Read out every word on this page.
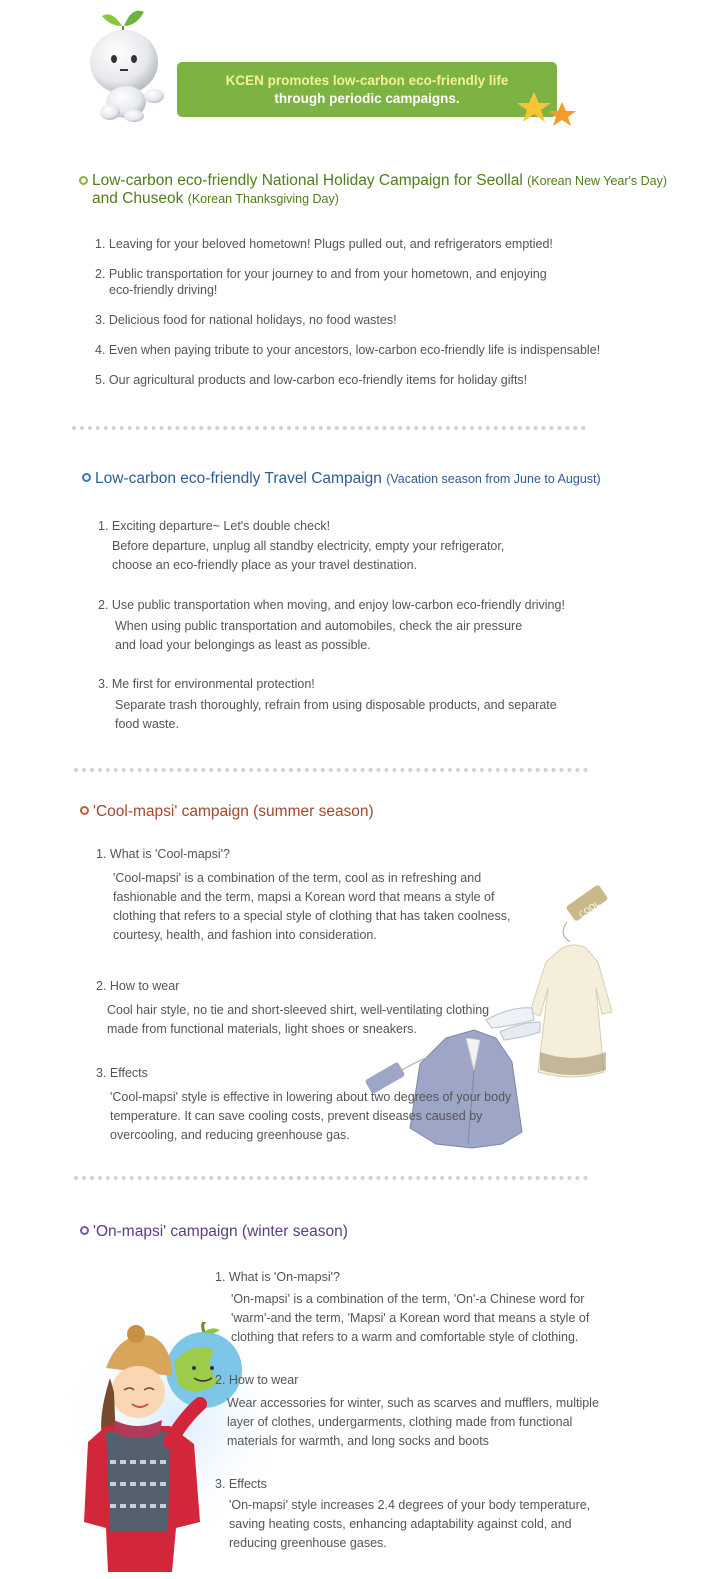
KCEN promotes low-carbon eco-friendly life
through periodic campaigns.
Low-carbon eco-friendly National Holiday Campaign for Seollal (Korean New Year's Day)
and Chuseok (Korean Thanksgiving Day)
1. Leaving for your beloved hometown! Plugs pulled out, and refrigerators emptied!
2. Public transportation for your journey to and from your hometown, and enjoying
eco-friendly driving!
3. Delicious food for national holidays, no food wastes!
4. Even when paying tribute to your ancestors, low-carbon eco-friendly life is indispensable!
5. Our agricultural products and low-carbon eco-friendly items for holiday gifts!
Low-carbon eco-friendly Travel Campaign (Vacation season from June to August)
1. Exciting departure~ Let's double check!
Before departure, unplug all standby electricity, empty your refrigerator,
choose an eco-friendly place as your travel destination.
2. Use public transportation when moving, and enjoy low-carbon eco-friendly driving!
When using public transportation and automobiles, check the air pressure
and load your belongings as least as possible.
3. Me first for environmental protection!
Separate trash thoroughly, refrain from using disposable products, and separate
food waste.
'Cool-mapsi' campaign (summer season)
1. What is 'Cool-mapsi'?
'Cool-mapsi' is a combination of the term, cool as in refreshing and
fashionable and the term, mapsi a Korean word that means a style of
clothing that refers to a special style of clothing that has taken coolness,
courtesy, health, and fashion into consideration.
2. How to wear
COOL
Cool hair style, no tie and short-sleeved shirt, well-ventilating clothing
made from functional materials, light shoes or sneakers.
3. Effects
'Cool-mapsi' style is effective in lowering about two degrees of your body
temperature. It can save cooling costs, prevent diseases caused by
overcooling, and reducing greenhouse gas.
'On-mapsi' campaign (winter season)
1. What is 'On-mapsi'?
'On-mapsi' is a combination of the term, 'On'-a Chinese word for
'warm'-and the term, 'Mapsi' a Korean word that means a style of
clothing that refers to a warm and comfortable style of clothing.
2. How to wear
Wear accessories for winter, such as scarves and mufflers, multiple
layer of clothes, undergarments, clothing made from functional
materials for warmth, and long socks and boots
3. Effects
'On-mapsi' style increases 2.4 degrees of your body temperature,
saving heating costs, enhancing adaptability against cold, and
reducing greenhouse gases.
